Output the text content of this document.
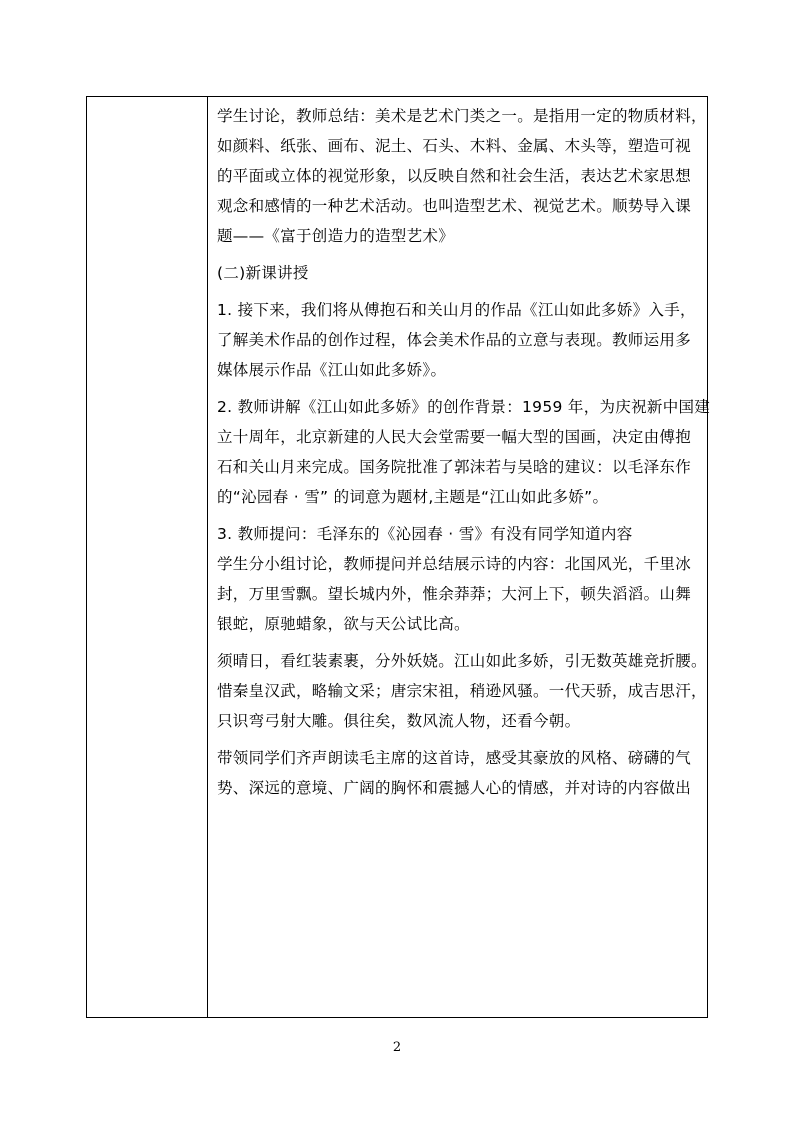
学生讨论，教师总结：美术是艺术门类之一。是指用一定的物质材料，
如颜料、纸张、画布、泥土、石头、木料、金属、木头等，塑造可视
的平面或立体的视觉形象，以反映自然和社会生活，表达艺术家思想
观念和感情的一种艺术活动。也叫造型艺术、视觉艺术。顺势导入课
题——《富于创造力的造型艺术》
(二)新课讲授
1. 接下来，我们将从傅抱石和关山月的作品《江山如此多娇》入手，
了解美术作品的创作过程，体会美术作品的立意与表现。教师运用多
媒体展示作品《江山如此多娇》。
2. 教师讲解《江山如此多娇》的创作背景：1959 年，为庆祝新中国建
立十周年，北京新建的人民大会堂需要一幅大型的国画，决定由傅抱
石和关山月来完成。国务院批准了郭沫若与吴晗的建议：以毛泽东作
的“沁园春 · 雪” 的词意为题材,主题是“江山如此多娇”。
3. 教师提问：毛泽东的《沁园春 · 雪》有没有同学知道内容
学生分小组讨论，教师提问并总结展示诗的内容：北国风光，千里冰
封，万里雪飘。望长城内外，惟余莽莽；大河上下，顿失滔滔。山舞
银蛇，原驰蜡象，欲与天公试比高。
须晴日，看红装素裹，分外妖娆。江山如此多娇，引无数英雄竞折腰。
惜秦皇汉武，略输文采；唐宗宋祖，稍逊风骚。一代天骄，成吉思汗，
只识弯弓射大雕。俱往矣，数风流人物，还看今朝。
带领同学们齐声朗读毛主席的这首诗，感受其豪放的风格、磅礴的气
势、深远的意境、广阔的胸怀和震撼人心的情感，并对诗的内容做出
2
